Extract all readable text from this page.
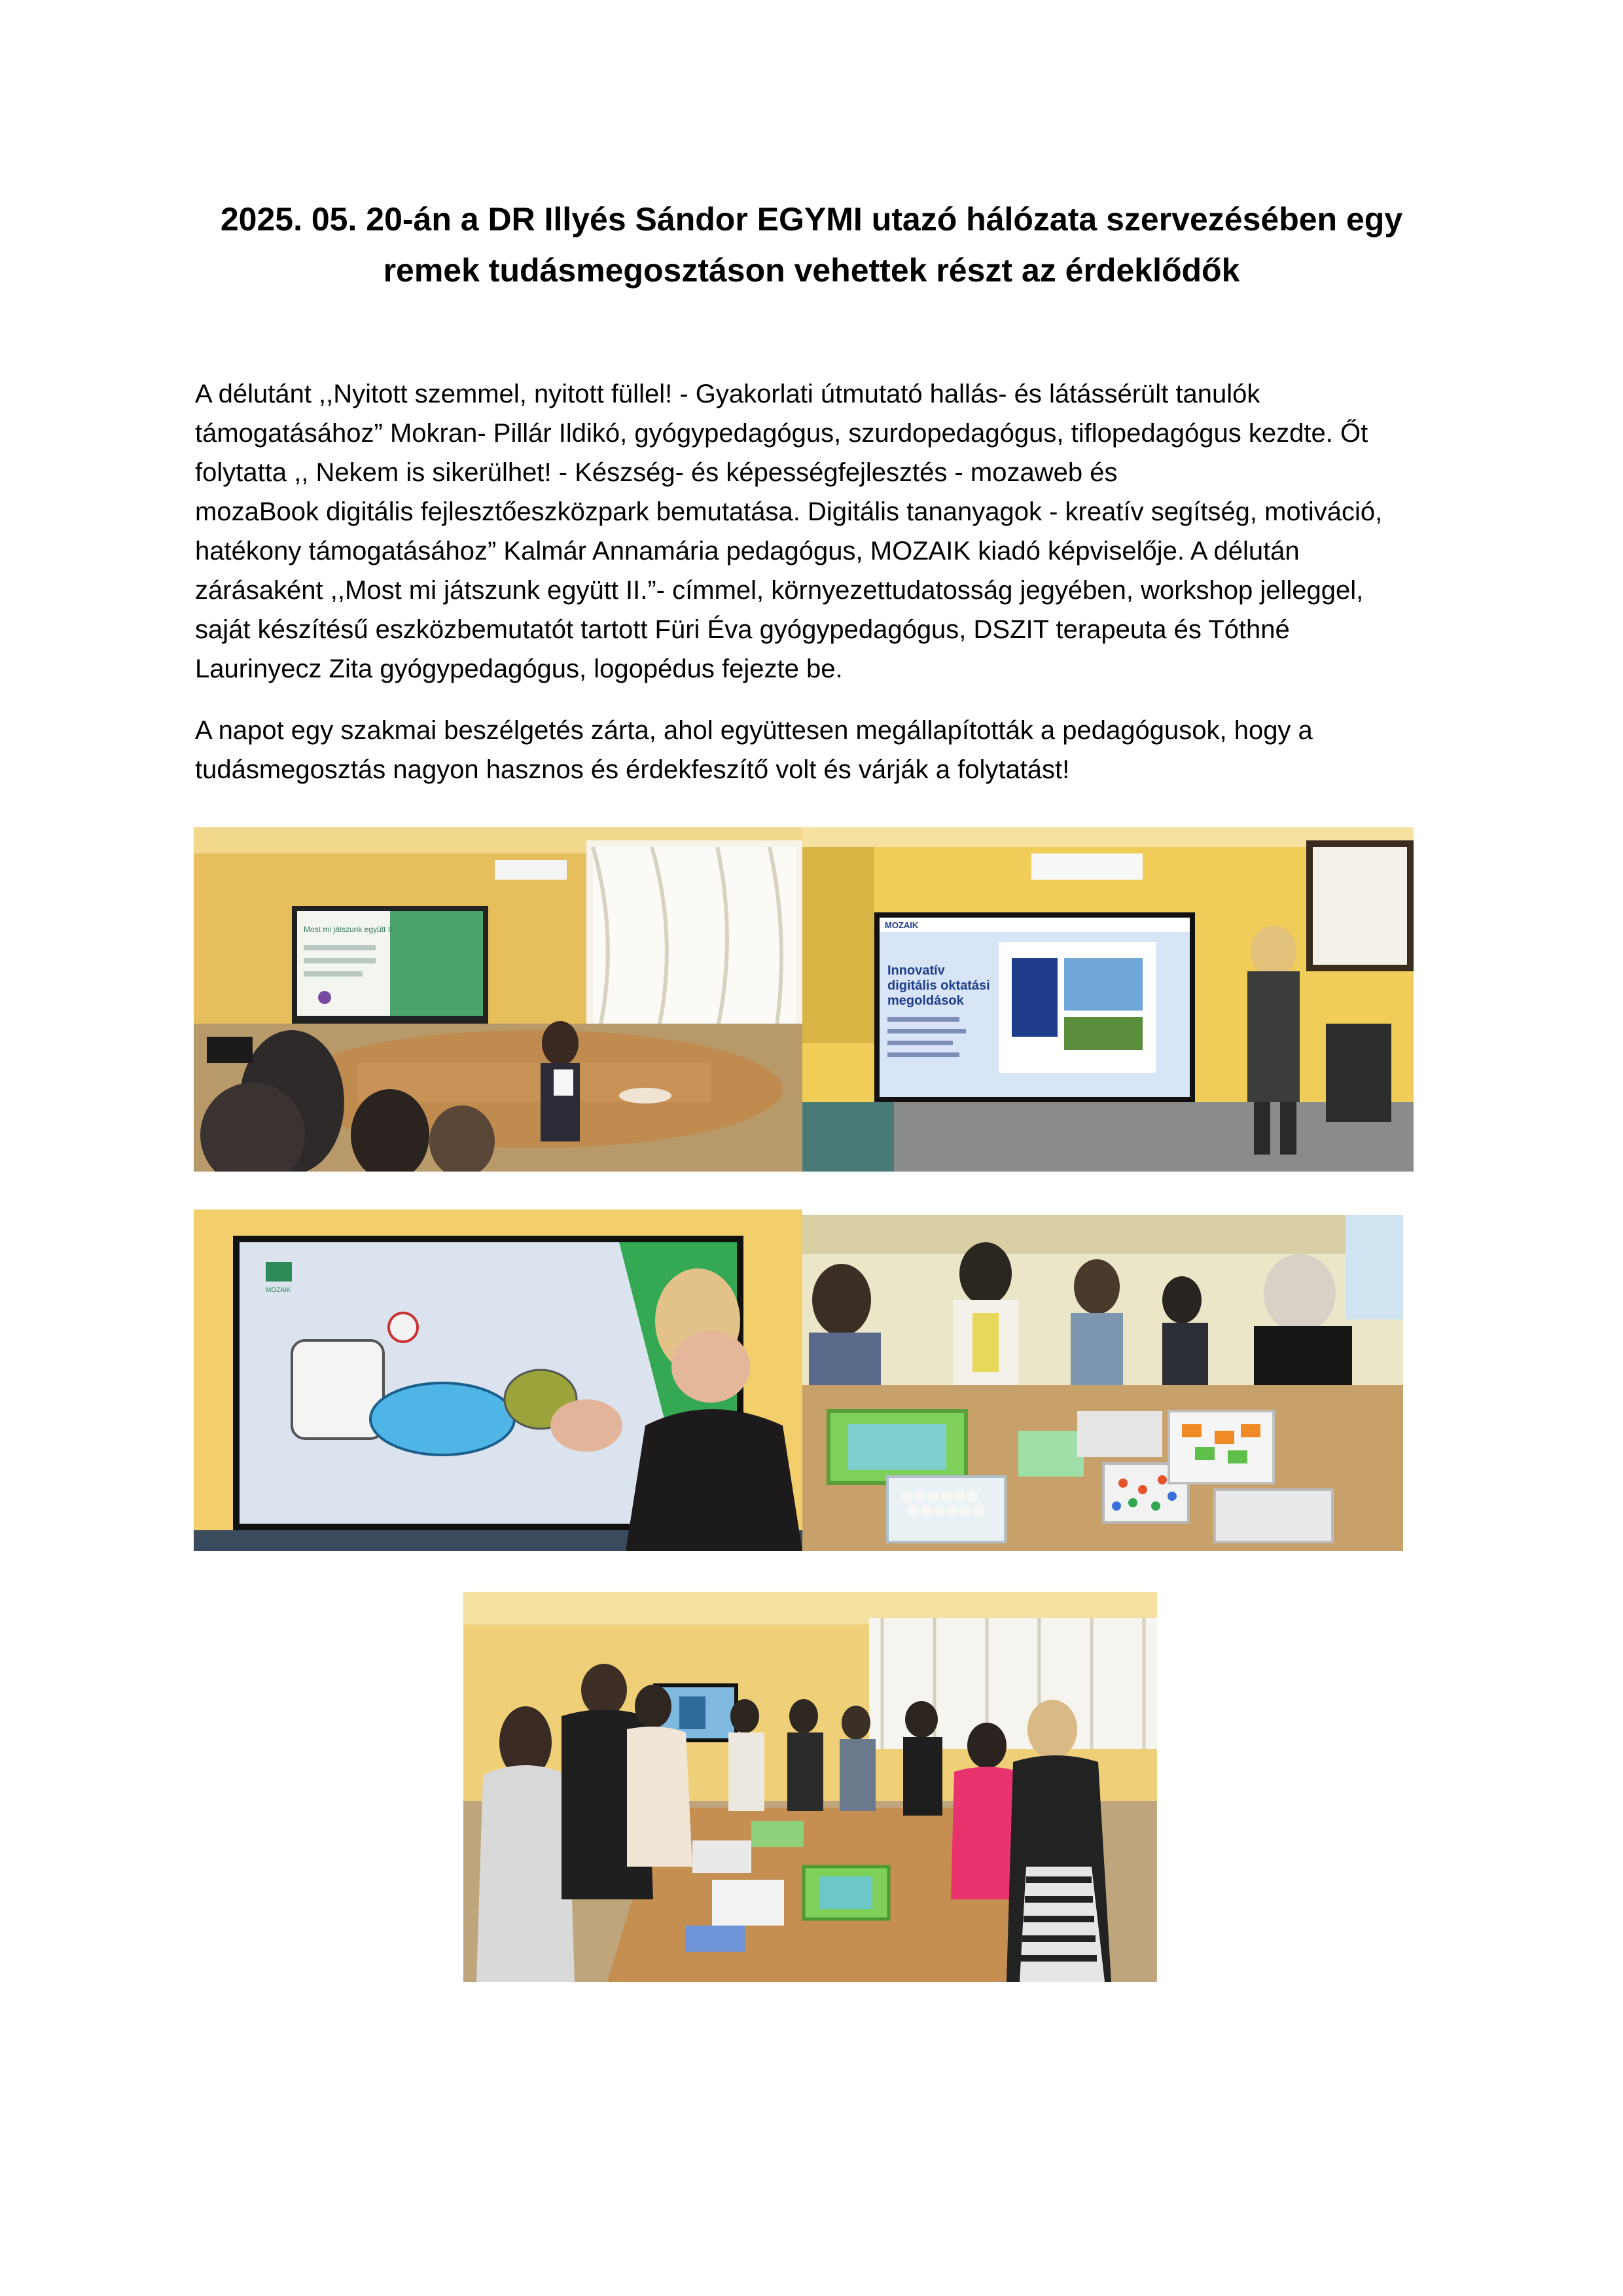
2025. 05. 20-án a DR Illyés Sándor EGYMI utazó hálózata szervezésében egy
remek tudásmegosztáson vehettek részt az érdeklődők

A délutánt ,,Nyitott szemmel, nyitott füllel! - Gyakorlati útmutató hallás- és látássérült tanulók

támogatásához” Mokran- Pillár Ildikó, gyógypedagógus, szurdopedagógus, tiflopedagógus kezdte. Őt

folytatta ,, Nekem is sikerülhet! - Készség- és képességfejlesztés - mozaweb és

mozaBook digitális fejlesztőeszközpark bemutatása. Digitális tananyagok - kreatív segítség, motiváció,

hatékony támogatásához” Kalmár Annamária pedagógus, MOZAIK kiadó képviselője. A délután

zárásaként ,,Most mi játszunk együtt II.”- címmel, környezettudatosság jegyében, workshop jelleggel,

saját készítésű eszközbemutatót tartott Füri Éva gyógypedagógus, DSZIT terapeuta és Tóthné

Laurinyecz Zita gyógypedagógus, logopédus fejezte be.

A napot egy szakmai beszélgetés zárta, ahol együttesen megállapították a pedagógusok, hogy a

tudásmegosztás nagyon hasznos és érdekfeszítő volt és várják a folytatást!

Most mi játszunk együtt II.	MOZAIK
Innovatív
digitális oktatási
megoldások
MOZAIK
